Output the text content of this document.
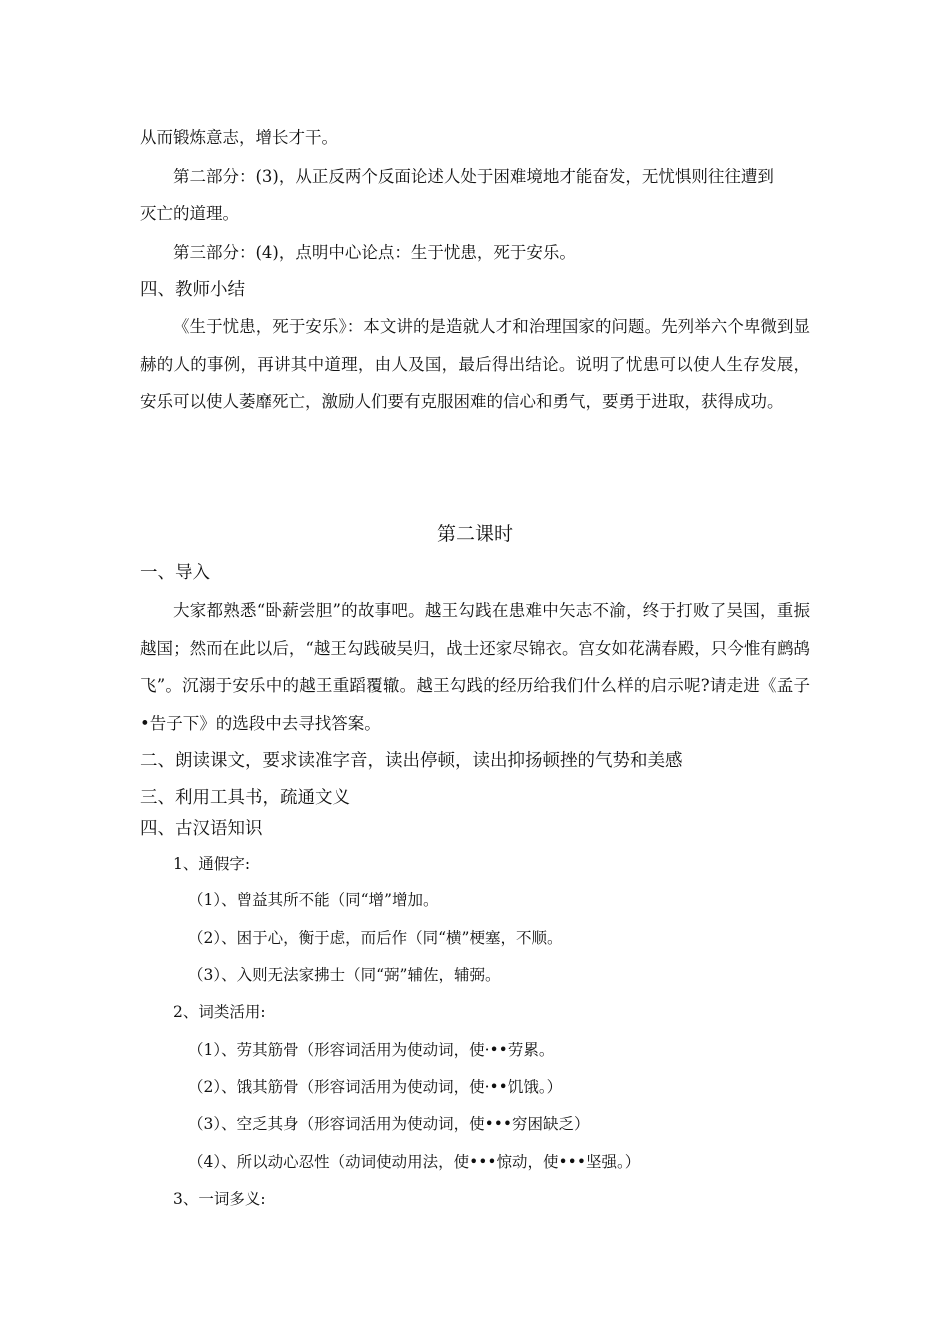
从而锻炼意志，增长才干。
第二部分：(3)，从正反两个反面论述人处于困难境地才能奋发，无忧惧则往往遭到
灭亡的道理。
第三部分：(4)，点明中心论点：生于忧患，死于安乐。
四、教师小结
《生于忧患，死于安乐》：本文讲的是造就人才和治理国家的问题。先列举六个卑微到显赫的人的事例，再讲其中道理，由人及国，最后得出结论。说明了忧患可以使人生存发展，安乐可以使人萎靡死亡，激励人们要有克服困难的信心和勇气，要勇于进取，获得成功。
第二课时
一、导入
大家都熟悉“卧薪尝胆”的故事吧。越王勾践在患难中矢志不渝，终于打败了吴国，重振越国；然而在此以后，“越王勾践破吴归，战士还家尽锦衣。宫女如花满春殿，只今惟有鹧鸪飞”。沉溺于安乐中的越王重蹈覆辙。越王勾践的经历给我们什么样的启示呢?请走进《孟子•告子下》的选段中去寻找答案。
二、朗读课文，要求读准字音，读出停顿，读出抑扬顿挫的气势和美感
三、利用工具书，疏通文义
四、古汉语知识
1、通假字:
（1）、曾益其所不能（同“增”增加。
（2）、困于心，衡于虑，而后作（同“横”梗塞，不顺。
（3）、入则无法家拂士（同“弼”辅佐，辅弼。
2、词类活用:
（1）、劳其筋骨（形容词活用为使动词，使·••劳累。
（2）、饿其筋骨（形容词活用为使动词，使·••饥饿。）
（3）、空乏其身（形容词活用为使动词，使•••穷困缺乏）
（4）、所以动心忍性（动词使动用法，使•••惊动，使•••坚强。）
3、一词多义:
